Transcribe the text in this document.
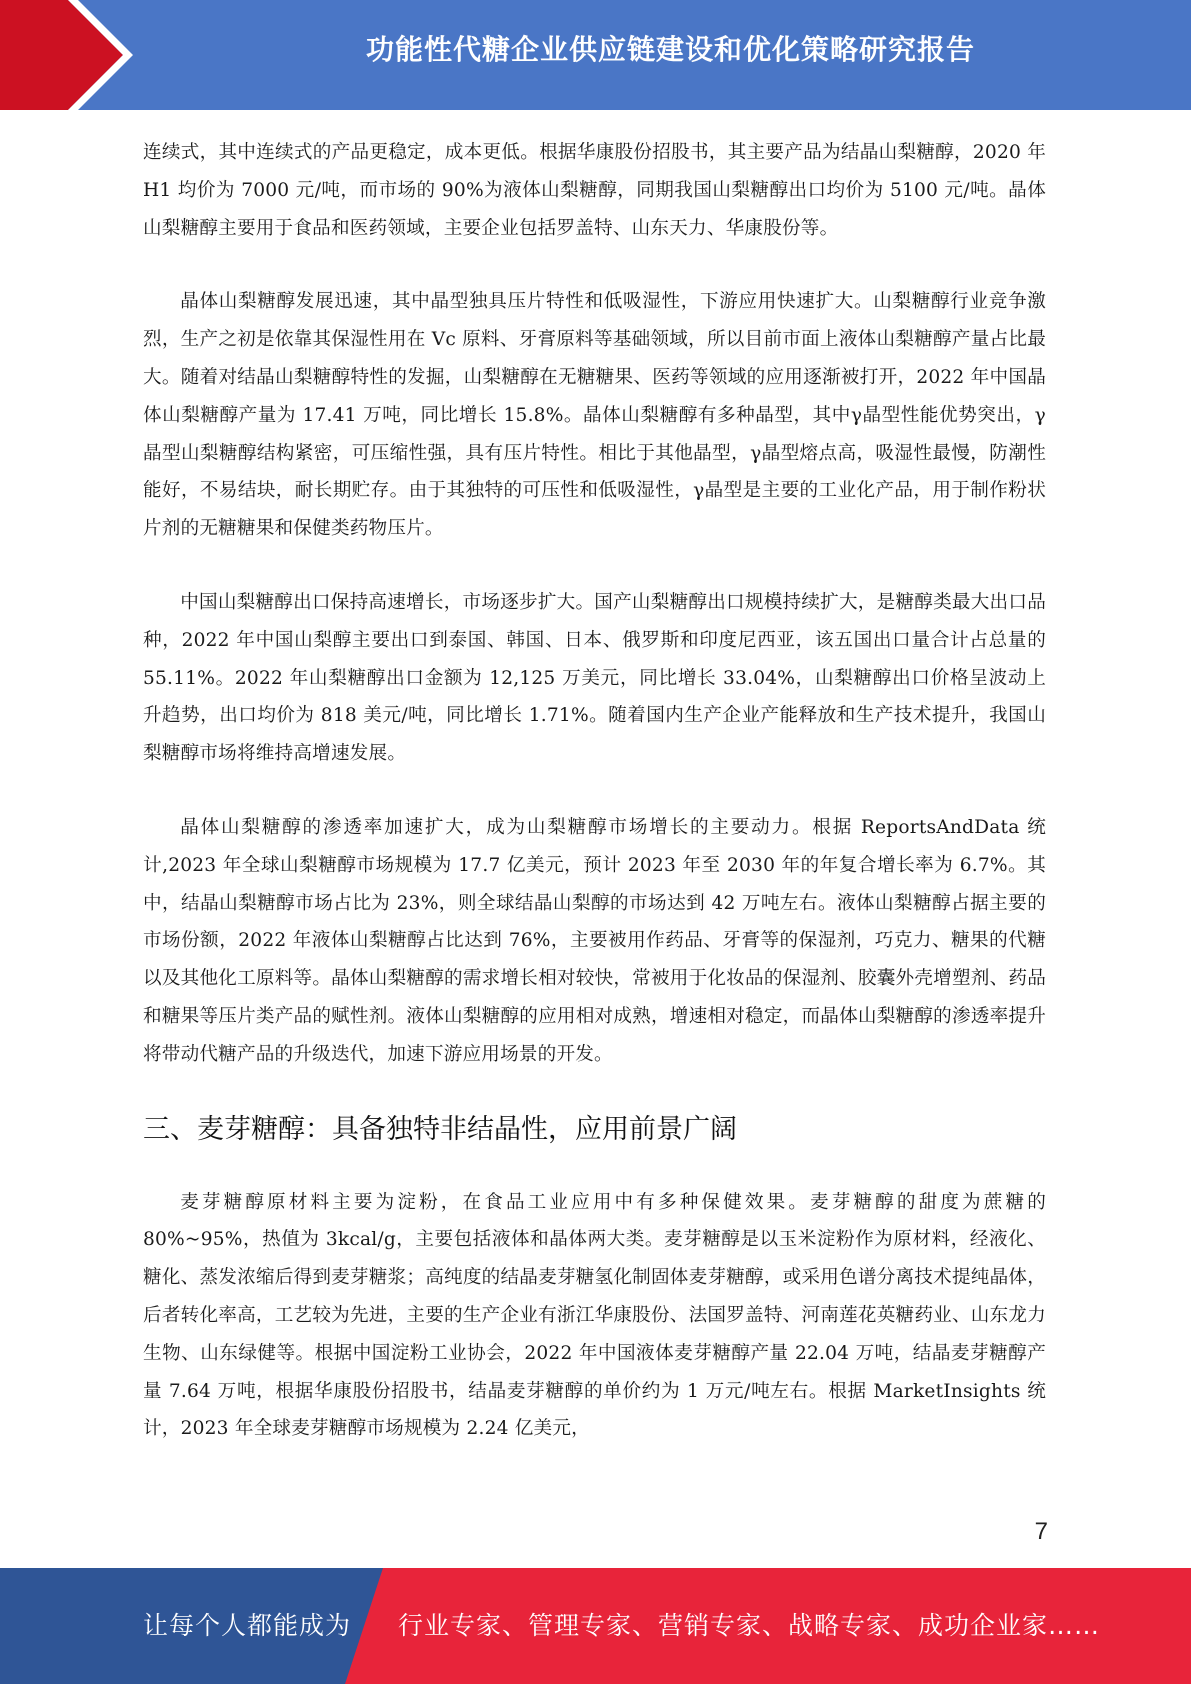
功能性代糖企业供应链建设和优化策略研究报告

连续式，其中连续式的产品更稳定，成本更低。根据华康股份招股书，其主要产品为结晶山梨糖醇，2020 年 H1 均价为 7000 元/吨，而市场的 90%为液体山梨糖醇，同期我国山梨糖醇出口均价为 5100 元/吨。晶体山梨糖醇主要用于食品和医药领域，主要企业包括罗盖特、山东天力、华康股份等。

晶体山梨糖醇发展迅速，其中晶型独具压片特性和低吸湿性，下游应用快速扩大。山梨糖醇行业竞争激烈，生产之初是依靠其保湿性用在 Vc 原料、牙膏原料等基础领域，所以目前市面上液体山梨糖醇产量占比最大。随着对结晶山梨糖醇特性的发掘，山梨糖醇在无糖糖果、医药等领域的应用逐渐被打开，2022 年中国晶体山梨糖醇产量为 17.41 万吨，同比增长 15.8%。晶体山梨糖醇有多种晶型，其中γ晶型性能优势突出，γ晶型山梨糖醇结构紧密，可压缩性强，具有压片特性。相比于其他晶型，γ晶型熔点高，吸湿性最慢，防潮性能好，不易结块，耐长期贮存。由于其独特的可压性和低吸湿性，γ晶型是主要的工业化产品，用于制作粉状片剂的无糖糖果和保健类药物压片。

中国山梨糖醇出口保持高速增长，市场逐步扩大。国产山梨糖醇出口规模持续扩大，是糖醇类最大出口品种，2022 年中国山梨醇主要出口到泰国、韩国、日本、俄罗斯和印度尼西亚，该五国出口量合计占总量的 55.11%。2022 年山梨糖醇出口金额为 12,125 万美元，同比增长 33.04%，山梨糖醇出口价格呈波动上升趋势，出口均价为 818 美元/吨，同比增长 1.71%。随着国内生产企业产能释放和生产技术提升，我国山梨糖醇市场将维持高增速发展。

晶体山梨糖醇的渗透率加速扩大，成为山梨糖醇市场增长的主要动力。根据 ReportsAndData 统计,2023 年全球山梨糖醇市场规模为 17.7 亿美元，预计 2023 年至 2030 年的年复合增长率为 6.7%。其中，结晶山梨糖醇市场占比为 23%，则全球结晶山梨醇的市场达到 42 万吨左右。液体山梨糖醇占据主要的市场份额，2022 年液体山梨糖醇占比达到 76%，主要被用作药品、牙膏等的保湿剂，巧克力、糖果的代糖以及其他化工原料等。晶体山梨糖醇的需求增长相对较快，常被用于化妆品的保湿剂、胶囊外壳增塑剂、药品和糖果等压片类产品的赋性剂。液体山梨糖醇的应用相对成熟，增速相对稳定，而晶体山梨糖醇的渗透率提升将带动代糖产品的升级迭代，加速下游应用场景的开发。

三、麦芽糖醇：具备独特非结晶性，应用前景广阔

麦芽糖醇原材料主要为淀粉，在食品工业应用中有多种保健效果。麦芽糖醇的甜度为蔗糖的 80%~95%，热值为 3kcal/g，主要包括液体和晶体两大类。麦芽糖醇是以玉米淀粉作为原材料，经液化、糖化、蒸发浓缩后得到麦芽糖浆；高纯度的结晶麦芽糖氢化制固体麦芽糖醇，或采用色谱分离技术提纯晶体，后者转化率高，工艺较为先进，主要的生产企业有浙江华康股份、法国罗盖特、河南莲花英糖药业、山东龙力生物、山东绿健等。根据中国淀粉工业协会，2022 年中国液体麦芽糖醇产量 22.04 万吨，结晶麦芽糖醇产量 7.64 万吨，根据华康股份招股书，结晶麦芽糖醇的单价约为 1 万元/吨左右。根据 MarketInsights 统计，2023 年全球麦芽糖醇市场规模为 2.24 亿美元，

7
让每个人都能成为 行业专家、管理专家、营销专家、战略专家、成功企业家……
